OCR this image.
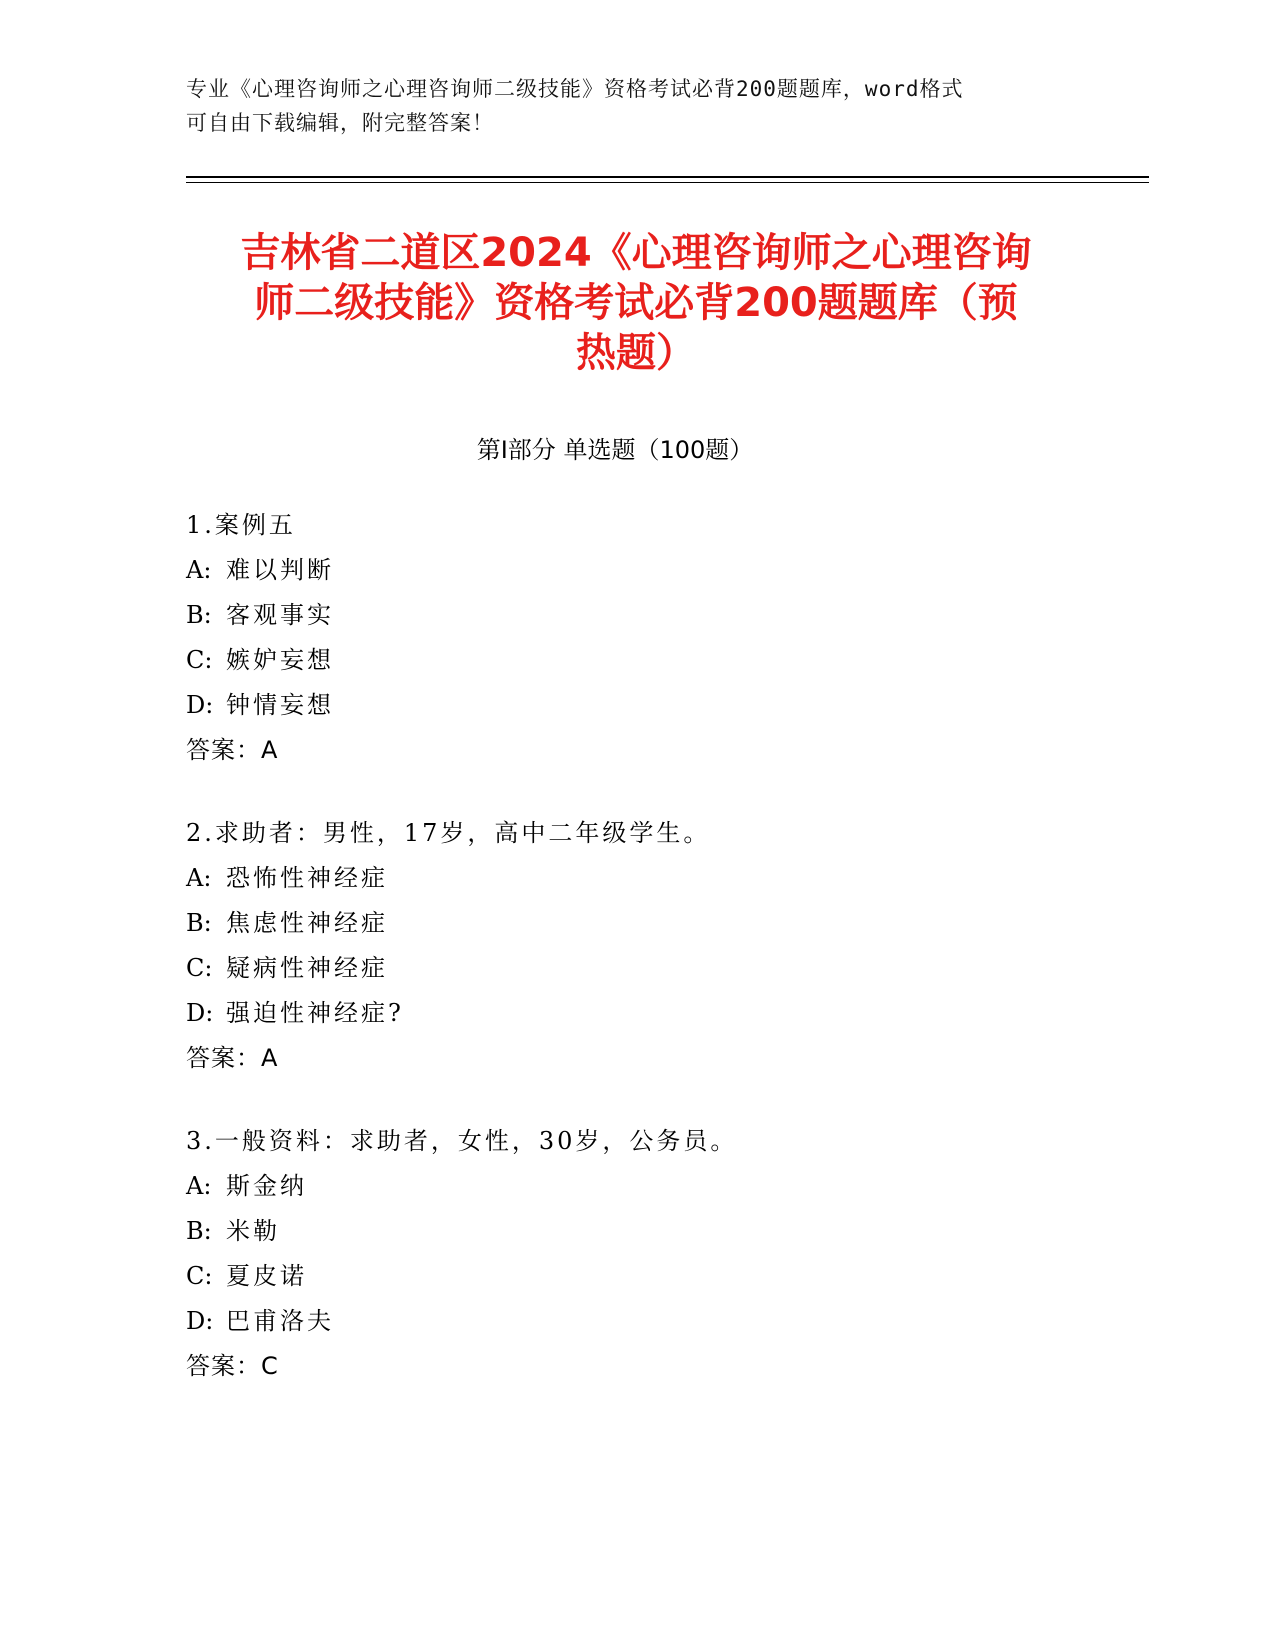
专业《心理咨询师之心理咨询师二级技能》资格考试必背200题题库，word格式
可自由下载编辑，附完整答案！
吉林省二道区2024《心理咨询师之心理咨询
师二级技能》资格考试必背200题题库（预
热题）
第Ⅰ部分 单选题（100题）
1.案例五
A: 难以判断
B: 客观事实
C: 嫉妒妄想
D: 钟情妄想
答案：A
2.求助者：男性，17岁，高中二年级学生。
A: 恐怖性神经症
B: 焦虑性神经症
C: 疑病性神经症
D: 强迫性神经症?
答案：A
3.一般资料：求助者，女性，30岁，公务员。
A: 斯金纳
B: 米勒
C: 夏皮诺
D: 巴甫洛夫
答案：C
